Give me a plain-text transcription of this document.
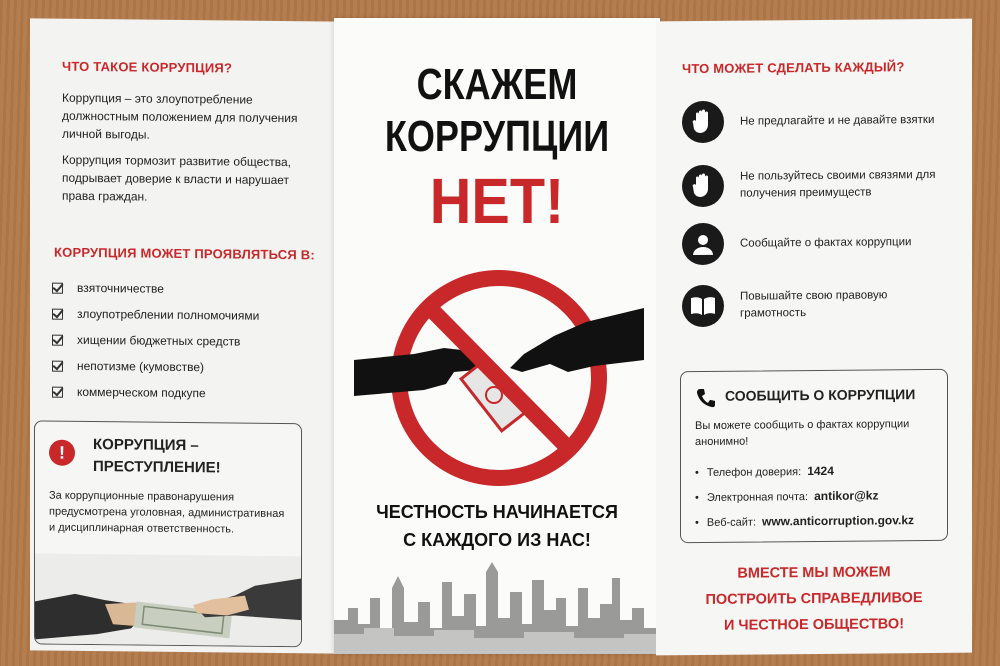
ЧТО ТАКОЕ КОРРУПЦИЯ?

Коррупция – это злоупотребление должностным положением для получения личной выгоды.

Коррупция тормозит развитие общества, подрывает доверие к власти и нарушает права граждан.

КОРРУПЦИЯ МОЖЕТ ПРОЯВЛЯТЬСЯ В:
взяточничестве
злоупотреблении полномочиями
хищении бюджетных средств
непотизме (кумовстве)
коммерческом подкупе
!	КОРРУПЦИЯ – ПРЕСТУПЛЕНИЕ!

За коррупционные правонарушения предусмотрена уголовная, административная и дисциплинарная ответственность.

СКАЖЕМ
КОРРУПЦИИ
НЕТ!
ЧЕСТНОСТЬ НАЧИНАЕТСЯ
С КАЖДОГО ИЗ НАС!
ЧТО МОЖЕТ СДЕЛАТЬ КАЖДЫЙ?
Не предлагайте и не давайте взятки
Не пользуйтесь своими связями для получения преимуществ
Сообщайте о фактах коррупции
Повышайте свою правовую грамотность
СООБЩИТЬ О КОРРУПЦИИ

Вы можете сообщить о фактах коррупции анонимно!

• Телефон доверия: 1424
• Электронная почта: antikor@kz
• Веб-сайт: www.anticorruption.gov.kz
ВМЕСТЕ МЫ МОЖЕМ
ПОСТРОИТЬ СПРАВЕДЛИВОЕ
И ЧЕСТНОЕ ОБЩЕСТВО!
